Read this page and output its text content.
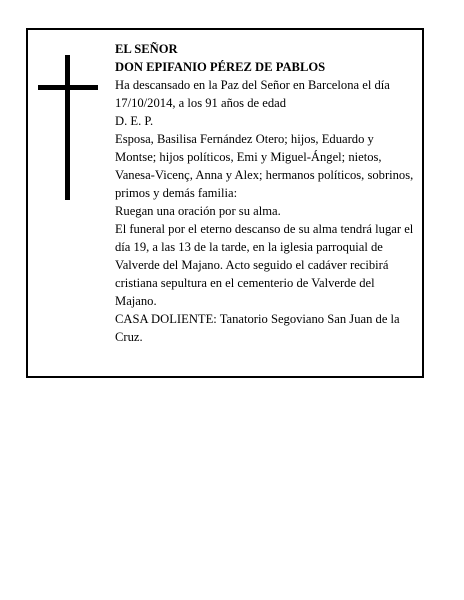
EL SEÑOR

DON EPIFANIO PÉREZ DE PABLOS

Ha descansado en la Paz del Señor en Barcelona el día 17/10/2014, a los 91 años de edad

D. E. P.

Esposa, Basilisa Fernández Otero; hijos, Eduardo y Montse; hijos políticos, Emi y Miguel-Ángel; nietos, Vanesa-Vicenç, Anna y Alex; hermanos políticos, sobrinos, primos y demás familia:

Ruegan una oración por su alma.

El funeral por el eterno descanso de su alma tendrá lugar el día 19, a las 13 de la tarde, en la iglesia parroquial de Valverde del Majano. Acto seguido el cadáver recibirá cristiana sepultura en el cementerio de Valverde del Majano.

CASA DOLIENTE: Tanatorio Segoviano San Juan de la Cruz.
